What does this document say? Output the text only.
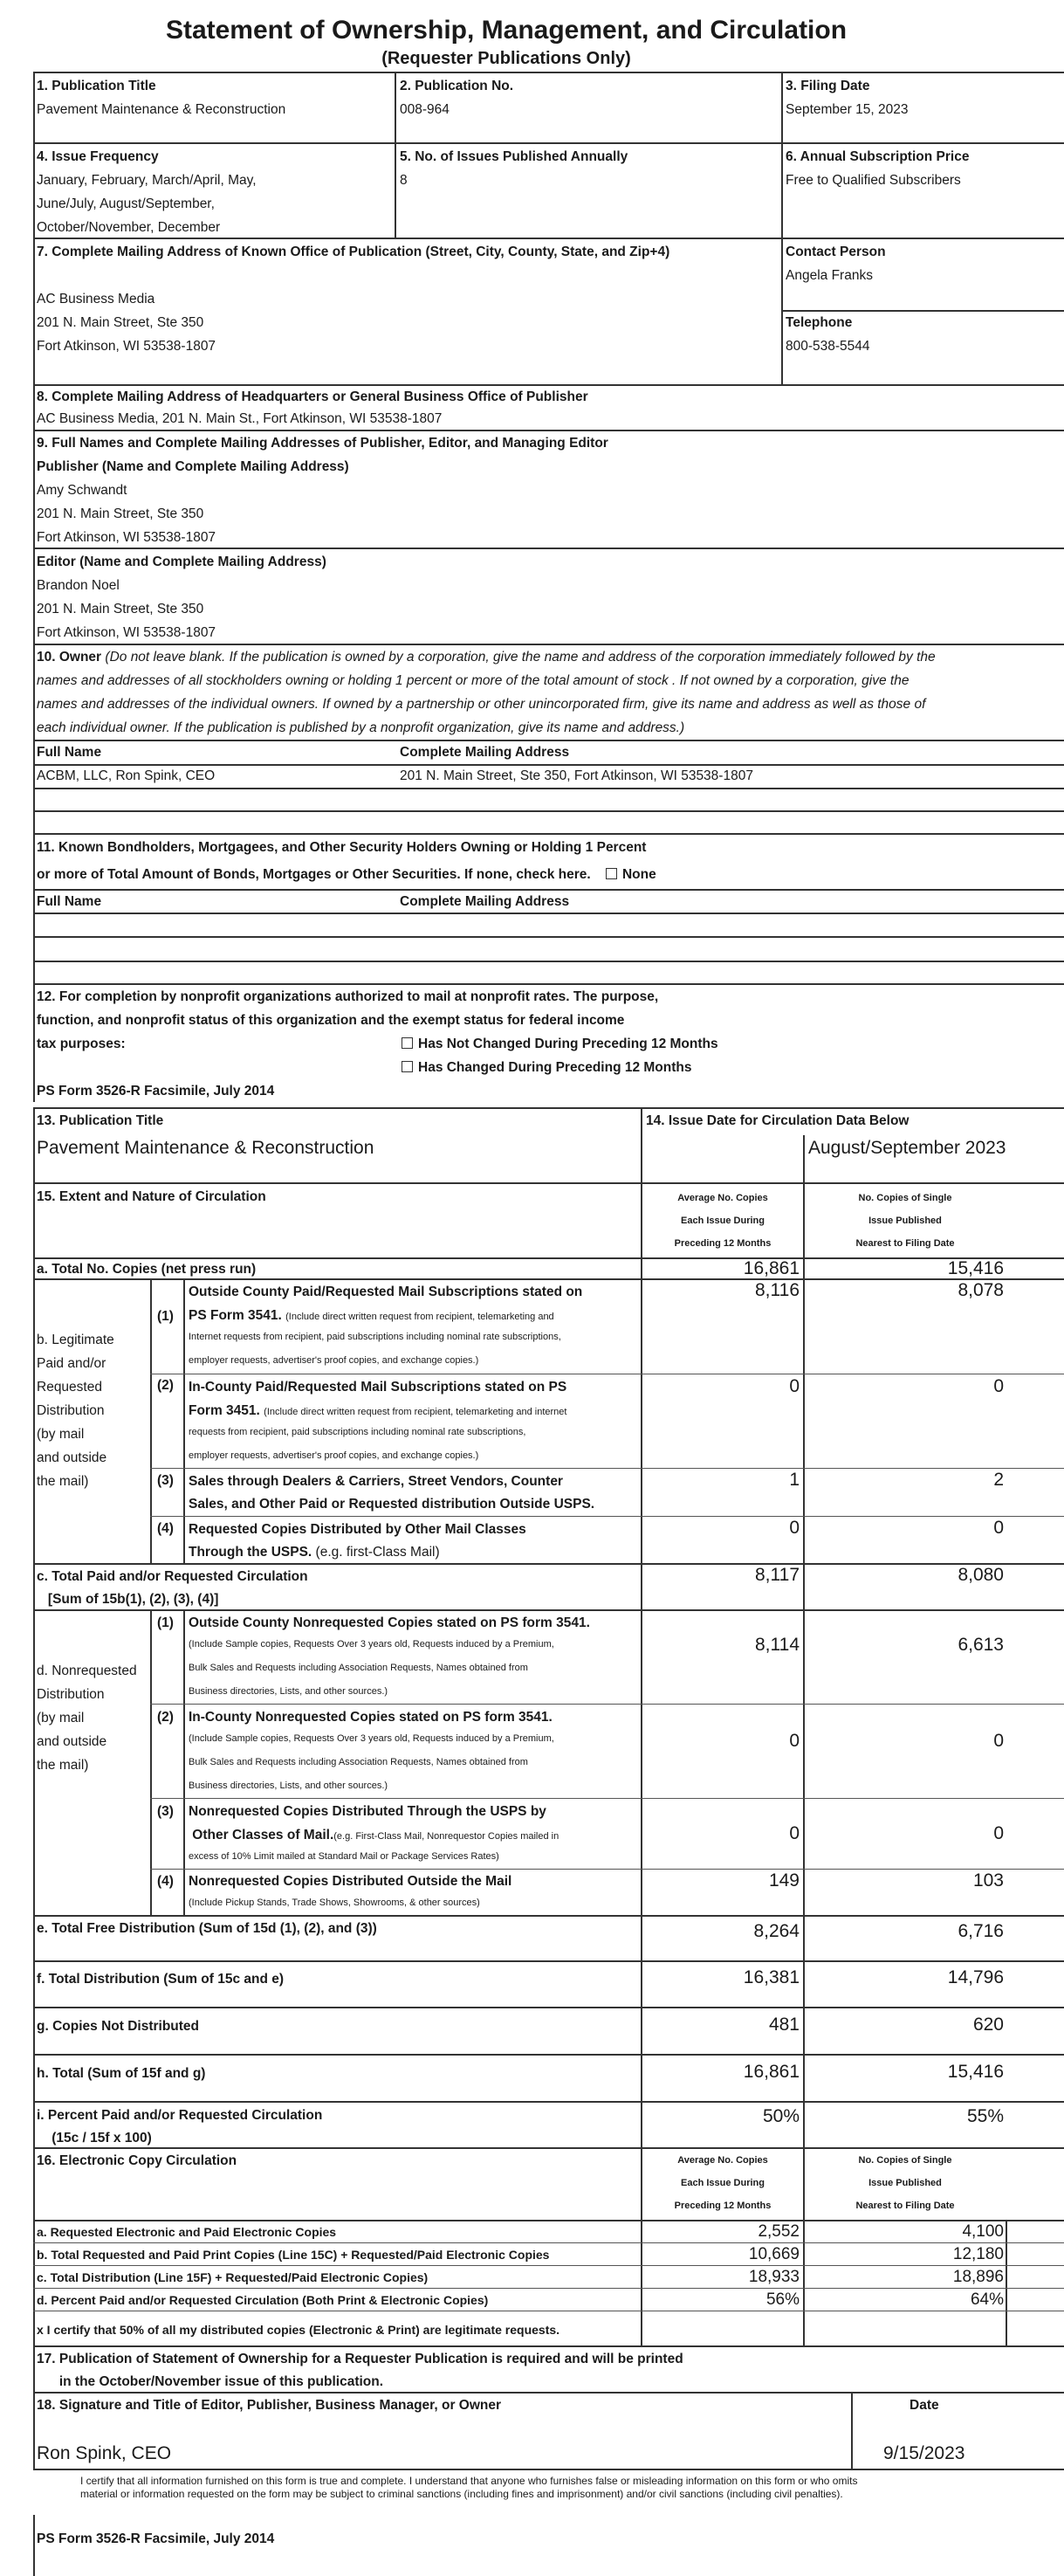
Statement of Ownership, Management, and Circulation
(Requester Publications Only)
1. Publication Title
Pavement Maintenance & Reconstruction
2. Publication No.
008-964
3. Filing Date
September 15, 2023
4. Issue Frequency
January, February, March/April, May,
June/July, August/September,
October/November, December
5. No. of Issues Published Annually
8
6. Annual Subscription Price
Free to Qualified Subscribers
7. Complete Mailing Address of Known Office of Publication (Street, City, County, State, and Zip+4)
AC Business Media
201 N. Main Street, Ste 350
Fort Atkinson, WI 53538-1807
Contact Person
Angela Franks
Telephone
800-538-5544
8. Complete Mailing Address of Headquarters or General Business Office of Publisher
AC Business Media, 201 N. Main St., Fort Atkinson, WI 53538-1807
9. Full Names and Complete Mailing Addresses of Publisher, Editor, and Managing Editor
Publisher (Name and Complete Mailing Address)
Amy Schwandt
201 N. Main Street, Ste 350
Fort Atkinson, WI 53538-1807
Editor (Name and Complete Mailing Address)
Brandon Noel
201 N. Main Street, Ste 350
Fort Atkinson, WI 53538-1807
10. Owner (Do not leave blank. If the publication is owned by a corporation, give the name and address of the corporation immediately followed by the
names and addresses of all stockholders owning or holding 1 percent or more of the total amount of stock . If not owned by a corporation, give the
names and addresses of the individual owners. If owned by a partnership or other unincorporated firm, give its name and address as well as those of
each individual owner. If the publication is published by a nonprofit organization, give its name and address.)
Full Name	Complete Mailing Address
ACBM, LLC, Ron Spink, CEO	201 N. Main Street, Ste 350, Fort Atkinson, WI 53538-1807
11. Known Bondholders, Mortgagees, and Other Security Holders Owning or Holding 1 Percent
or more of Total Amount of Bonds, Mortgages or Other Securities. If none, check here. None
Full Name	Complete Mailing Address
12. For completion by nonprofit organizations authorized to mail at nonprofit rates. The purpose,
function, and nonprofit status of this organization and the exempt status for federal income
tax purposes:	Has Not Changed During Preceding 12 Months
Has Changed During Preceding 12 Months
PS Form 3526-R Facsimile, July 2014
13. Publication Title
Pavement Maintenance & Reconstruction
14. Issue Date for Circulation Data Below
August/September 2023
15. Extent and Nature of Circulation	Average No. Copies
Each Issue During
Preceding 12 Months
No. Copies of Single
Issue Published
Nearest to Filing Date
a. Total No. Copies (net press run)	16,861	15,416
b. Legitimate
Paid and/or
Requested
Distribution
(by mail
and outside
the mail)
(1)
Outside County Paid/Requested Mail Subscriptions stated on
PS Form 3541. (Include direct written request from recipient, telemarketing and
Internet requests from recipient, paid subscriptions including nominal rate subscriptions,
employer requests, advertiser's proof copies, and exchange copies.)
8,116	8,078
(2) In-County Paid/Requested Mail Subscriptions stated on PS
Form 3451. (Include direct written request from recipient, telemarketing and internet
requests from recipient, paid subscriptions including nominal rate subscriptions,
employer requests, advertiser's proof copies, and exchange copies.)
0	0
(3) Sales through Dealers & Carriers, Street Vendors, Counter
Sales, and Other Paid or Requested distribution Outside USPS.
1	2
(4) Requested Copies Distributed by Other Mail Classes
Through the USPS. (e.g. first-Class Mail)
0	0
c. Total Paid and/or Requested Circulation
[Sum of 15b(1), (2), (3), (4)]
8,117	8,080
d. Nonrequested
Distribution
(by mail
and outside
the mail)
(1) Outside County Nonrequested Copies stated on PS form 3541.
(Include Sample copies, Requests Over 3 years old, Requests induced by a Premium,
Bulk Sales and Requests including Association Requests, Names obtained from
Business directories, Lists, and other sources.)
8,114	6,613
(2) In-County Nonrequested Copies stated on PS form 3541.
(Include Sample copies, Requests Over 3 years old, Requests induced by a Premium,
Bulk Sales and Requests including Association Requests, Names obtained from
Business directories, Lists, and other sources.)
0	0
(3) Nonrequested Copies Distributed Through the USPS by
Other Classes of Mail.(e.g. First-Class Mail, Nonrequestor Copies mailed in
excess of 10% Limit mailed at Standard Mail or Package Services Rates)
0	0
(4) Nonrequested Copies Distributed Outside the Mail
(Include Pickup Stands, Trade Shows, Showrooms, & other sources)
149	103
e. Total Free Distribution (Sum of 15d (1), (2), and (3))	8,264	6,716
f. Total Distribution (Sum of 15c and e)	16,381	14,796
g. Copies Not Distributed	481	620
h. Total (Sum of 15f and g)	16,861	15,416
i. Percent Paid and/or Requested Circulation
(15c / 15f x 100)
50%	55%
16. Electronic Copy Circulation	Average No. Copies
Each Issue During
Preceding 12 Months
No. Copies of Single
Issue Published
Nearest to Filing Date
a. Requested Electronic and Paid Electronic Copies	2,552	4,100
b. Total Requested and Paid Print Copies (Line 15C) + Requested/Paid Electronic Copies	10,669	12,180
c. Total Distribution (Line 15F) + Requested/Paid Electronic Copies)	18,933	18,896
d. Percent Paid and/or Requested Circulation (Both Print & Electronic Copies)	56%	64%
x I certify that 50% of all my distributed copies (Electronic & Print) are legitimate requests.
17. Publication of Statement of Ownership for a Requester Publication is required and will be printed
in the October/November issue of this publication.
18. Signature and Title of Editor, Publisher, Business Manager, or Owner	Date
Ron Spink, CEO	9/15/2023
I certify that all information furnished on this form is true and complete. I understand that anyone who furnishes false or misleading information on this form or who omits
material or information requested on the form may be subject to criminal sanctions (including fines and imprisonment) and/or civil sanctions (including civil penalties).
PS Form 3526-R Facsimile, July 2014
